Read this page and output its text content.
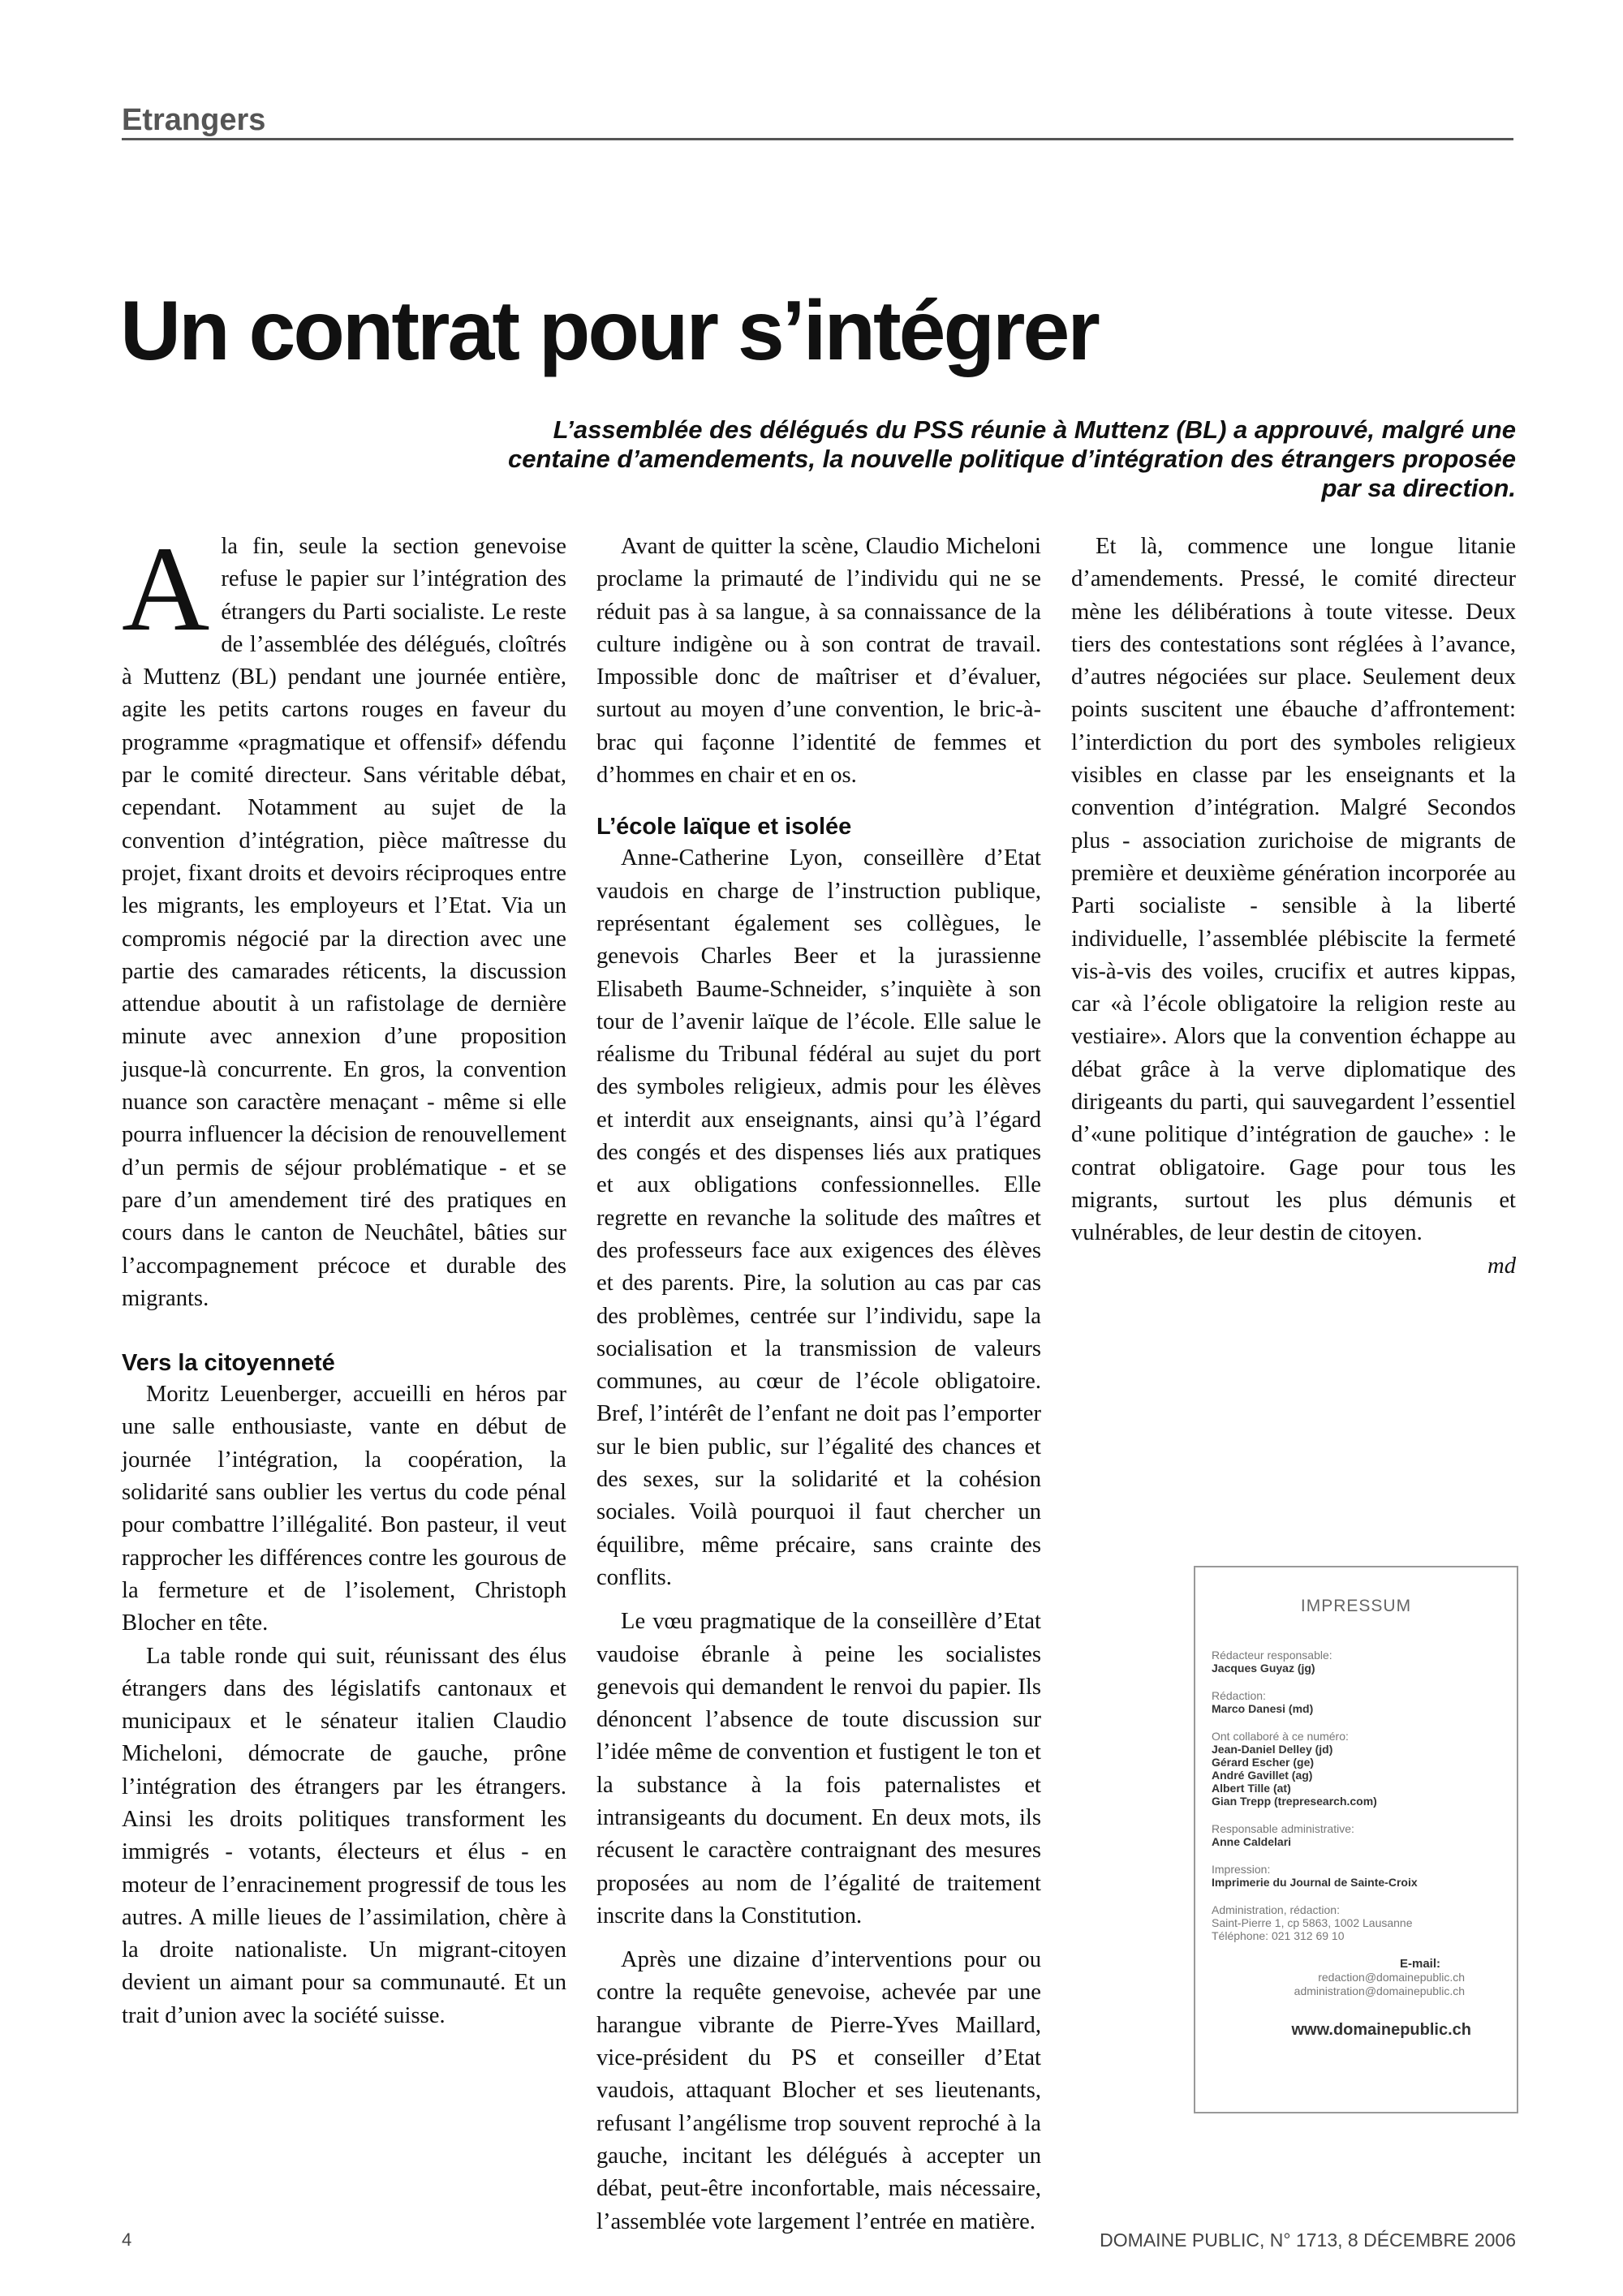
Etrangers
Un contrat pour s’intégrer
L’assemblée des délégués du PSS réunie à Muttenz (BL) a approuvé, malgré une centaine d’amendements, la nouvelle politique d’intégration des étrangers proposée par sa direction.

Ala fin, seule la section genevoise refuse le papier sur l’intégration des étrangers du Parti socialiste. Le reste de l’assemblée des délégués, cloîtrés à Muttenz (BL) pendant une journée entière, agite les petits cartons rouges en faveur du programme «pragmatique et offensif» défendu par le comité directeur. Sans véritable débat, cependant. Notamment au sujet de la convention d’intégration, pièce maîtresse du projet, fixant droits et devoirs réciproques entre les migrants, les employeurs et l’Etat. Via un compromis négocié par la direction avec une partie des camarades réticents, la discussion attendue aboutit à un rafistolage de dernière minute avec annexion d’une proposition jusque-là concurrente. En gros, la convention nuance son caractère menaçant - même si elle pourra influencer la décision de renouvellement d’un permis de séjour problématique - et se pare d’un amendement tiré des pratiques en cours dans le canton de Neuchâtel, bâties sur l’accompagnement précoce et durable des migrants.

Vers la citoyenneté

Moritz Leuenberger, accueilli en héros par une salle enthousiaste, vante en début de journée l’intégration, la coopération, la solidarité sans oublier les vertus du code pénal pour combattre l’illégalité. Bon pasteur, il veut rapprocher les différences contre les gourous de la fermeture et de l’isolement, Christoph Blocher en tête.

La table ronde qui suit, réunissant des élus étrangers dans des législatifs cantonaux et municipaux et le sénateur italien Claudio Micheloni, démocrate de gauche, prône l’intégration des étrangers par les étrangers. Ainsi les droits politiques transforment les immigrés - votants, électeurs et élus - en moteur de l’enracinement progressif de tous les autres. A mille lieues de l’assimilation, chère à la droite nationaliste. Un migrant-citoyen devient un aimant pour sa communauté. Et un trait d’union avec la société suisse.

Avant de quitter la scène, Claudio Micheloni proclame la primauté de l’individu qui ne se réduit pas à sa langue, à sa connaissance de la culture indigène ou à son contrat de travail. Impossible donc de maîtriser et d’évaluer, surtout au moyen d’une convention, le bric-à-brac qui façonne l’identité de femmes et d’hommes en chair et en os.

L’école laïque et isolée

Anne-Catherine Lyon, conseillère d’Etat vaudois en charge de l’instruction publique, représentant également ses collègues, le genevois Charles Beer et la jurassienne Elisabeth Baume-Schneider, s’inquiète à son tour de l’avenir laïque de l’école. Elle salue le réalisme du Tribunal fédéral au sujet du port des symboles religieux, admis pour les élèves et interdit aux enseignants, ainsi qu’à l’égard des congés et des dispenses liés aux pratiques et aux obligations confessionnelles. Elle regrette en revanche la solitude des maîtres et des professeurs face aux exigences des élèves et des parents. Pire, la solution au cas par cas des problèmes, centrée sur l’individu, sape la socialisation et la transmission de valeurs communes, au cœur de l’école obligatoire. Bref, l’intérêt de l’enfant ne doit pas l’emporter sur le bien public, sur l’égalité des chances et des sexes, sur la solidarité et la cohésion sociales. Voilà pourquoi il faut chercher un équilibre, même précaire, sans crainte des conflits.

Le vœu pragmatique de la conseillère d’Etat vaudoise ébranle à peine les socialistes genevois qui demandent le renvoi du papier. Ils dénoncent l’absence de toute discussion sur l’idée même de convention et fustigent le ton et la substance à la fois paternalistes et intransigeants du document. En deux mots, ils récusent le caractère contraignant des mesures proposées au nom de l’égalité de traitement inscrite dans la Constitution.

Après une dizaine d’interventions pour ou contre la requête genevoise, achevée par une harangue vibrante de Pierre-Yves Maillard, vice-président du PS et conseiller d’Etat vaudois, attaquant Blocher et ses lieutenants, refusant l’angélisme trop souvent reproché à la gauche, incitant les délégués à accepter un débat, peut-être inconfortable, mais nécessaire, l’assemblée vote largement l’entrée en matière.

Et là, commence une longue litanie d’amendements. Pressé, le comité directeur mène les délibérations à toute vitesse. Deux tiers des contestations sont réglées à l’avance, d’autres négociées sur place. Seulement deux points suscitent une ébauche d’affrontement: l’interdiction du port des symboles religieux visibles en classe par les enseignants et la convention d’intégration. Malgré Secondos plus - association zurichoise de migrants de première et deuxième génération incorporée au Parti socialiste - sensible à la liberté individuelle, l’assemblée plébiscite la fermeté vis-à-vis des voiles, crucifix et autres kippas, car «à l’école obligatoire la religion reste au vestiaire». Alors que la convention échappe au débat grâce à la verve diplomatique des dirigeants du parti, qui sauvegardent l’essentiel d’«une politique d’intégration de gauche» : le contrat obligatoire. Gage pour tous les migrants, surtout les plus démunis et vulnérables, de leur destin de citoyen.

md

IMPRESSUM
Rédacteur responsable:
Jacques Guyaz (jg)
Rédaction:
Marco Danesi (md)
Ont collaboré à ce numéro:
Jean-Daniel Delley (jd)
Gérard Escher (ge)
André Gavillet (ag)
Albert Tille (at)
Gian Trepp (trepresearch.com)
Responsable administrative:
Anne Caldelari
Impression:
Imprimerie du Journal de Sainte-Croix
Administration, rédaction:
Saint-Pierre 1, cp 5863, 1002 Lausanne
Téléphone: 021 312 69 10
E-mail:
redaction@domainepublic.ch
administration@domainepublic.ch
www.domainepublic.ch
4	DOMAINE PUBLIC, N° 1713, 8 DÉCEMBRE 2006
